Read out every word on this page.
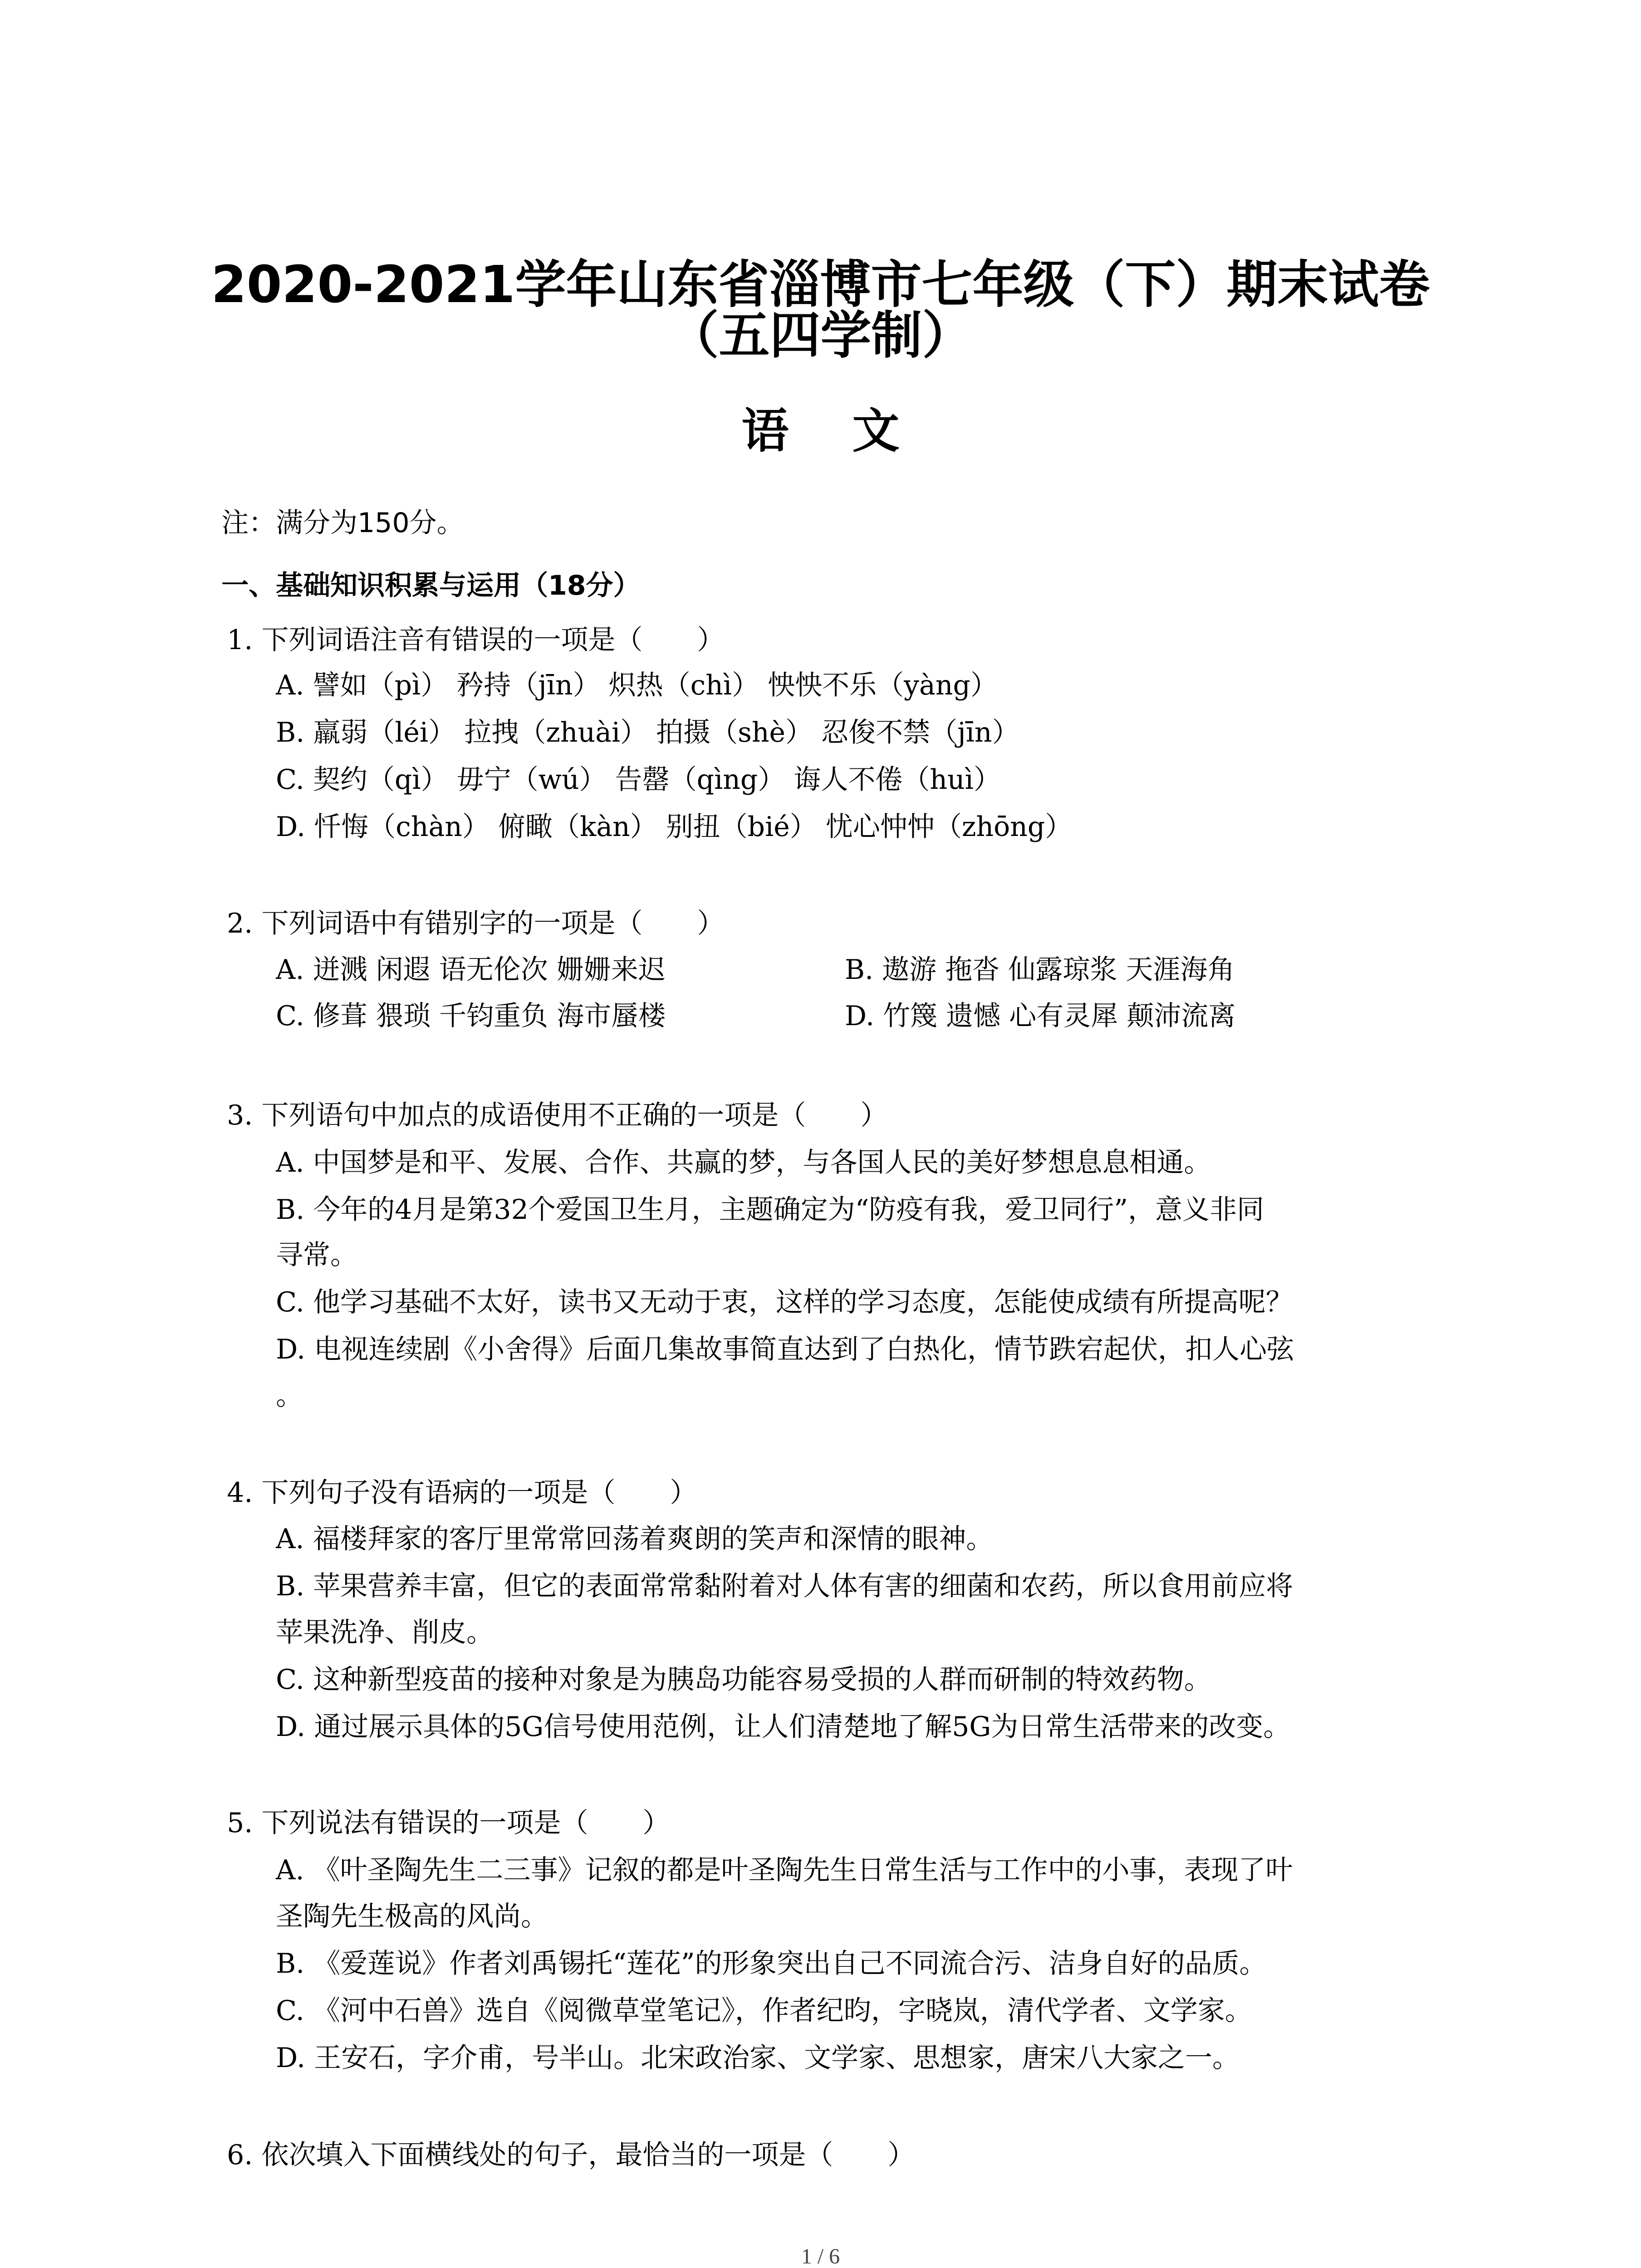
2020-2021学年山东省淄博市七年级（下）期末试卷
（五四学制）
语文
注：满分为150分。
一、基础知识积累与运用（18分）
1. 下列词语注音有错误的一项是（　　）
A. 譬如（pì） 矜持（jīn） 炽热（chì） 怏怏不乐（yàng）
B. 羸弱（léi） 拉拽（zhuài） 拍摄（shè） 忍俊不禁（jīn）
C. 契约（qì） 毋宁（wú） 告罄（qìng） 诲人不倦（huì）
D. 忏悔（chàn） 俯瞰（kàn） 别扭（bié） 忧心忡忡（zhōng）
2. 下列词语中有错别字的一项是（　　）
A. 迸溅 闲遐 语无伦次 姗姗来迟	B. 遨游 拖沓 仙露琼浆 天涯海角
C. 修葺 猥琐 千钧重负 海市蜃楼	D. 竹篾 遗憾 心有灵犀 颠沛流离
3. 下列语句中加点的成语使用不正确的一项是（　　）
A. 中国梦是和平、发展、合作、共赢的梦，与各国人民的美好梦想息息相通。
B. 今年的4月是第32个爱国卫生月，主题确定为“防疫有我，爱卫同行”，意义非同
寻常。
C. 他学习基础不太好，读书又无动于衷，这样的学习态度，怎能使成绩有所提高呢？
D. 电视连续剧《小舍得》后面几集故事简直达到了白热化，情节跌宕起伏，扣人心弦
。
4. 下列句子没有语病的一项是（　　）
A. 福楼拜家的客厅里常常回荡着爽朗的笑声和深情的眼神。
B. 苹果营养丰富，但它的表面常常黏附着对人体有害的细菌和农药，所以食用前应将
苹果洗净、削皮。
C. 这种新型疫苗的接种对象是为胰岛功能容易受损的人群而研制的特效药物。
D. 通过展示具体的5G信号使用范例，让人们清楚地了解5G为日常生活带来的改变。
5. 下列说法有错误的一项是（　　）
A. 《叶圣陶先生二三事》记叙的都是叶圣陶先生日常生活与工作中的小事，表现了叶
圣陶先生极高的风尚。
B. 《爱莲说》作者刘禹锡托“莲花”的形象突出自己不同流合污、洁身自好的品质。
C. 《河中石兽》选自《阅微草堂笔记》，作者纪昀，字晓岚，清代学者、文学家。
D. 王安石，字介甫，号半山。北宋政治家、文学家、思想家，唐宋八大家之一。
6. 依次填入下面横线处的句子，最恰当的一项是（　　）
1 / 6
